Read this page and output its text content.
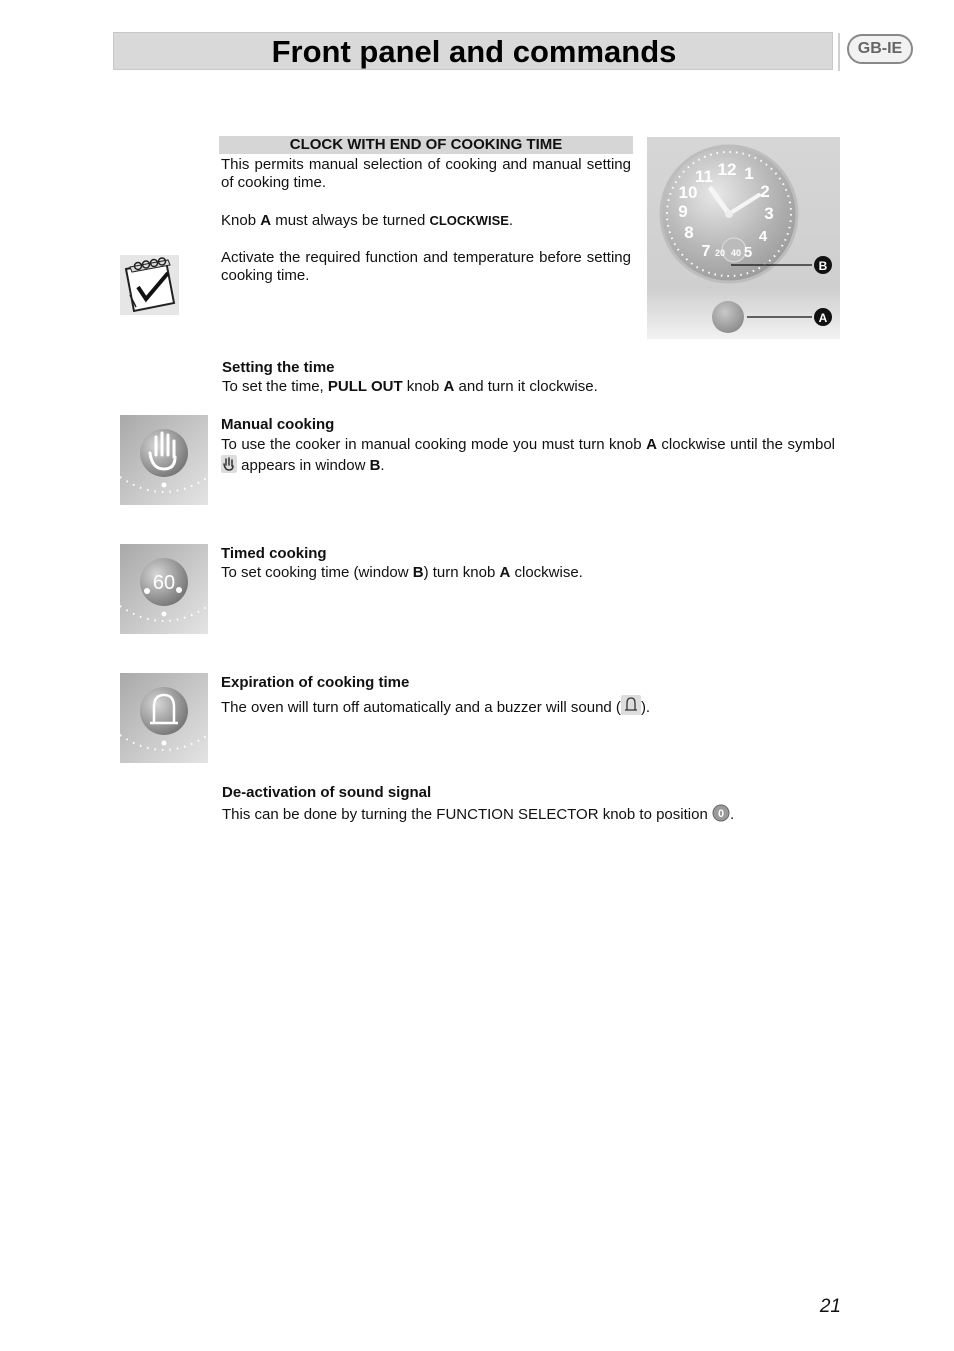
Front panel and commands	GB-IE
CLOCK WITH END OF COOKING TIME
This permits manual selection of cooking and manual setting of cooking time.
Knob A must always be turned CLOCKWISE.
Activate the required function and temperature before setting cooking time.
12 1
2
3
4
5
7
8
9
10
11
20 40
B
A
Setting the time
To set the time, PULL OUT knob A and turn it clockwise.
Manual cooking
To use the cooker in manual cooking mode you must turn knob A clockwise until the symbol  appears in window B.
60
Timed cooking
To set cooking time (window B) turn knob A clockwise.
Expiration of cooking time
The oven will turn off automatically and a buzzer will sound ( ).
De-activation of sound signal
This can be done by turning the FUNCTION SELECTOR knob to position 0 .
21
